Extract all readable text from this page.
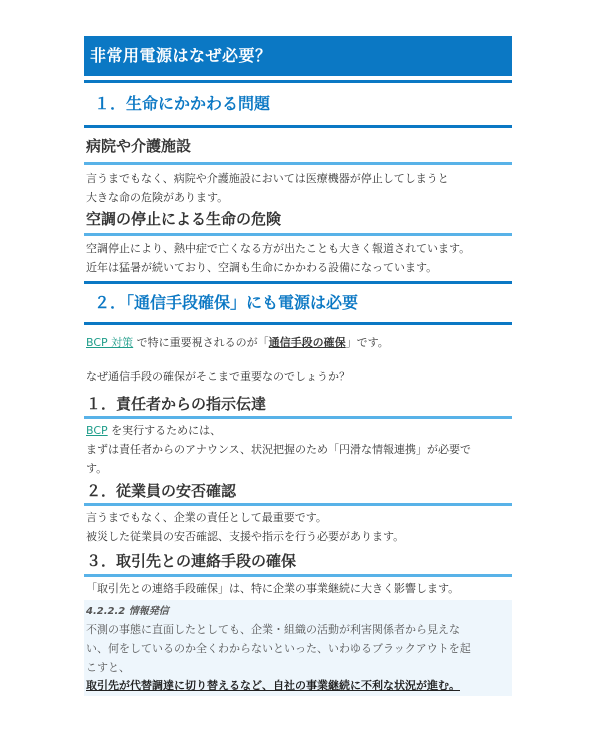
非常用電源はなぜ必要？
１．生命にかかわる問題
病院や介護施設
言うまでもなく、病院や介護施設においては医療機器が停止してしまうと
大きな命の危険があります。
空調の停止による生命の危険
空調停止により、熱中症で亡くなる方が出たことも大きく報道されています。
近年は猛暑が続いており、空調も生命にかかわる設備になっています。
２．「通信手段確保」にも電源は必要
BCP 対策 で特に重要視されるのが「通信手段の確保」です。
なぜ通信手段の確保がそこまで重要なのでしょうか？
１．責任者からの指示伝達
BCP を実行するためには、
まずは責任者からのアナウンス、状況把握のため「円滑な情報連携」が必要で
す。
２．従業員の安否確認
言うまでもなく、企業の責任として最重要です。
被災した従業員の安否確認、支援や指示を行う必要があります。
３．取引先との連絡手段の確保
「取引先との連絡手段確保」は、特に企業の事業継続に大きく影響します。
4.2.2.2 情報発信
不測の事態に直面したとしても、企業・組織の活動が利害関係者から見えな
い、何をしているのか全くわからないといった、いわゆるブラックアウトを起
こすと、
取引先が代替調達に切り替えるなど、自社の事業継続に不利な状況が進む。
